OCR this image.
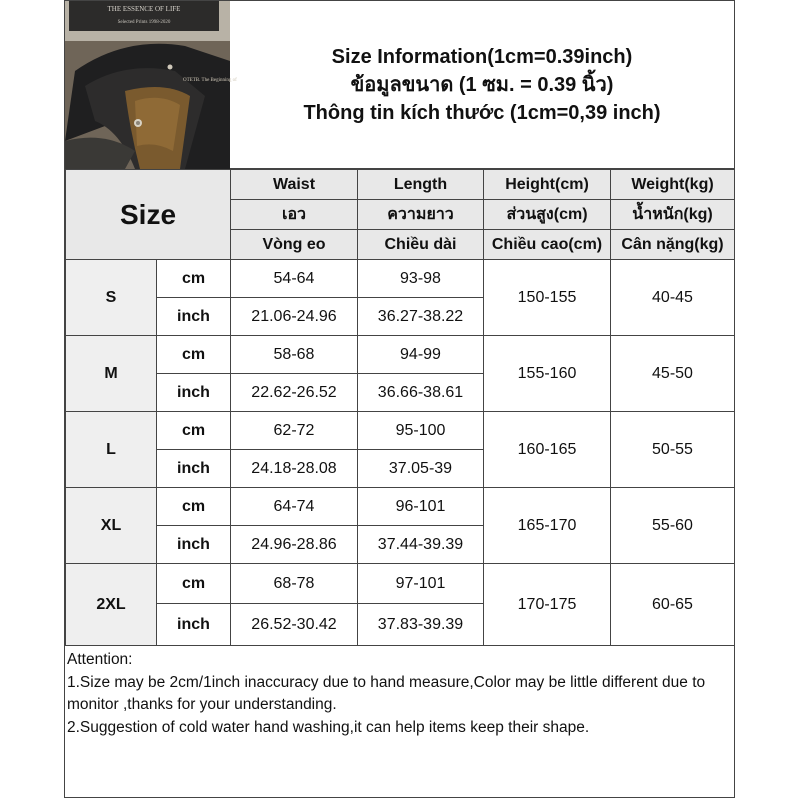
THE ESSENCE OF LIFE
Selected Prints 1998-2020
OTETB. The Beginning of
Size Information(1cm=0.39inch)
ข้อมูลขนาด (1 ซม. = 0.39 นิ้ว)
Thông tin kích thước (1cm=0,39 inch)
Size		Waist	Length	Height(cm)	Weight(kg)
		เอว	ความยาว	ส่วนสูง(cm)	น้ำหนัก(kg)
		Vòng eo	Chiều dài	Chiều cao(cm)	Cân nặng(kg)
S	cm	54-64	93-98	150-155	40-45
	inch	21.06-24.96	36.27-38.22		
M	cm	58-68	94-99	155-160	45-50
	inch	22.62-26.52	36.66-38.61		
L	cm	62-72	95-100	160-165	50-55
	inch	24.18-28.08	37.05-39		
XL	cm	64-74	96-101	165-170	55-60
	inch	24.96-28.86	37.44-39.39		
2XL	cm	68-78	97-101	170-175	60-65
	inch	26.52-30.42	37.83-39.39		
Attention:
1.Size may be 2cm/1inch inaccuracy due to hand measure,Color may be little different due to monitor ,thanks for your understanding.
2.Suggestion of cold water hand washing,it can help items keep their shape.
